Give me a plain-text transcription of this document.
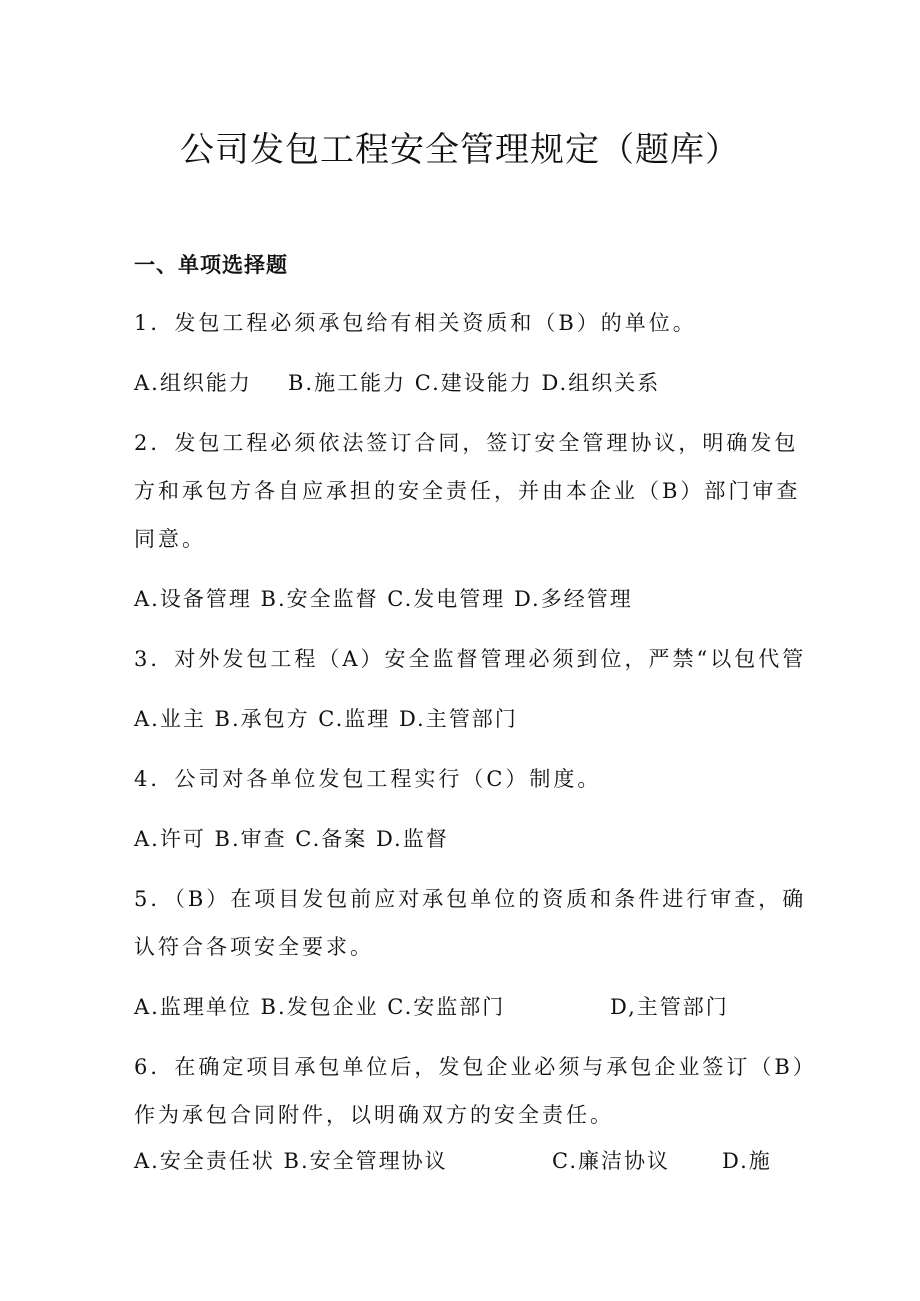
公司发包工程安全管理规定（题库）
一、单项选择题
1．发包工程必须承包给有相关资质和（B）的单位。
A.组织能力 B.施工能力 C.建设能力 D.组织关系
2．发包工程必须依法签订合同，签订安全管理协议，明确发包
方和承包方各自应承担的安全责任，并由本企业（B）部门审查
同意。
A.设备管理 B.安全监督 C.发电管理 D.多经管理
3．对外发包工程（A）安全监督管理必须到位，严禁“以包代管
A.业主 B.承包方 C.监理 D.主管部门
4．公司对各单位发包工程实行（C）制度。
A.许可 B.审查 C.备案 D.监督
5．（B）在项目发包前应对承包单位的资质和条件进行审查，确
认符合各项安全要求。
A.监理单位 B.发包企业 C.安监部门	D,主管部门
6．在确定项目承包单位后，发包企业必须与承包企业签订（B）
作为承包合同附件，以明确双方的安全责任。
A.安全责任状 B.安全管理协议	C.廉洁协议 D.施
